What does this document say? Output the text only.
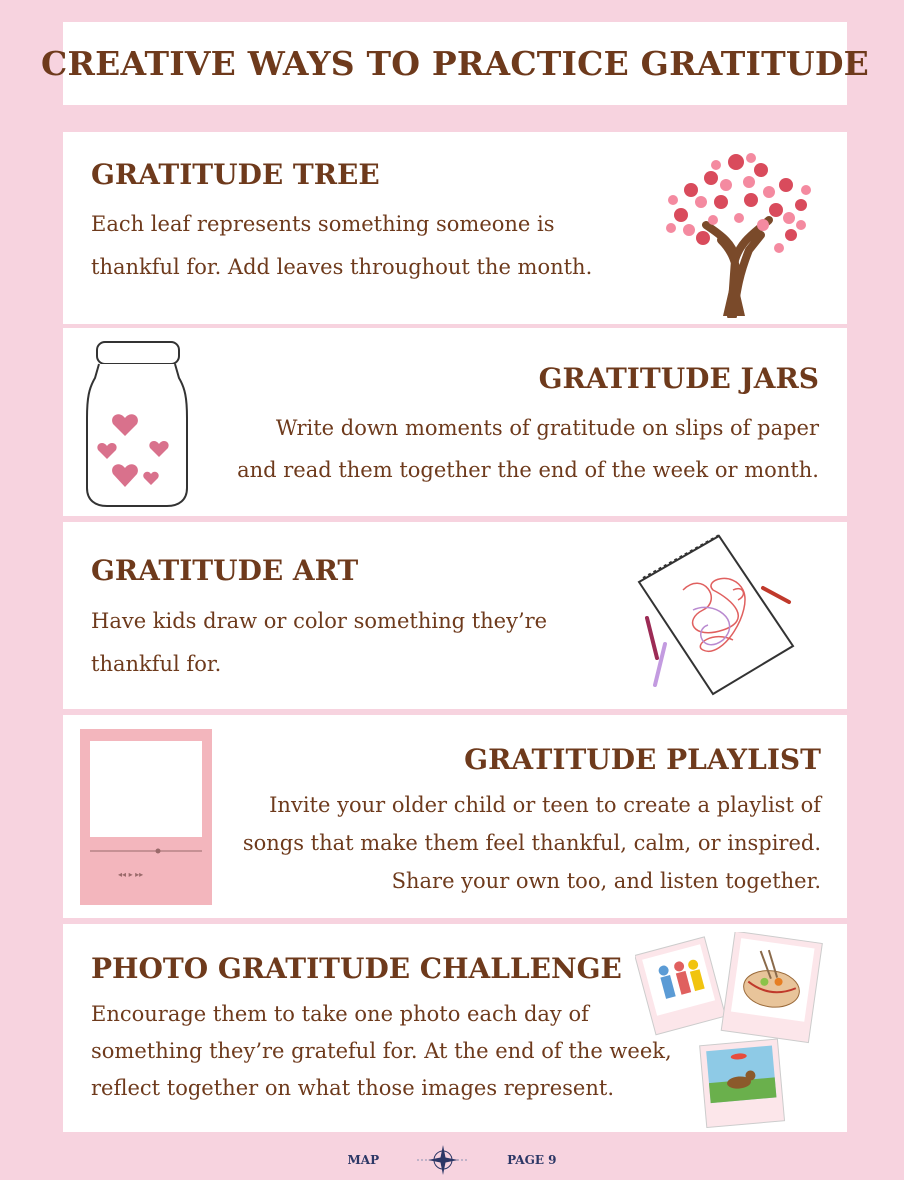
CREATIVE WAYS TO PRACTICE GRATITUDE
GRATITUDE TREE

Each leaf represents something someone is

thankful for. Add leaves throughout the month.

GRATITUDE JARS

Write down moments of gratitude on slips of paper

and read them together the end of the week or month.

GRATITUDE ART

Have kids draw or color something they’re

thankful for.

GRATITUDE PLAYLIST

Invite your older child or teen to create a playlist of

songs that make them feel thankful, calm, or inspired.

Share your own too, and listen together.

◂◂ ▸ ▸▸
PHOTO GRATITUDE CHALLENGE

Encourage them to take one photo each day of

something they’re grateful for. At the end of the week,

reflect together on what those images represent.

MAP	PAGE 9
